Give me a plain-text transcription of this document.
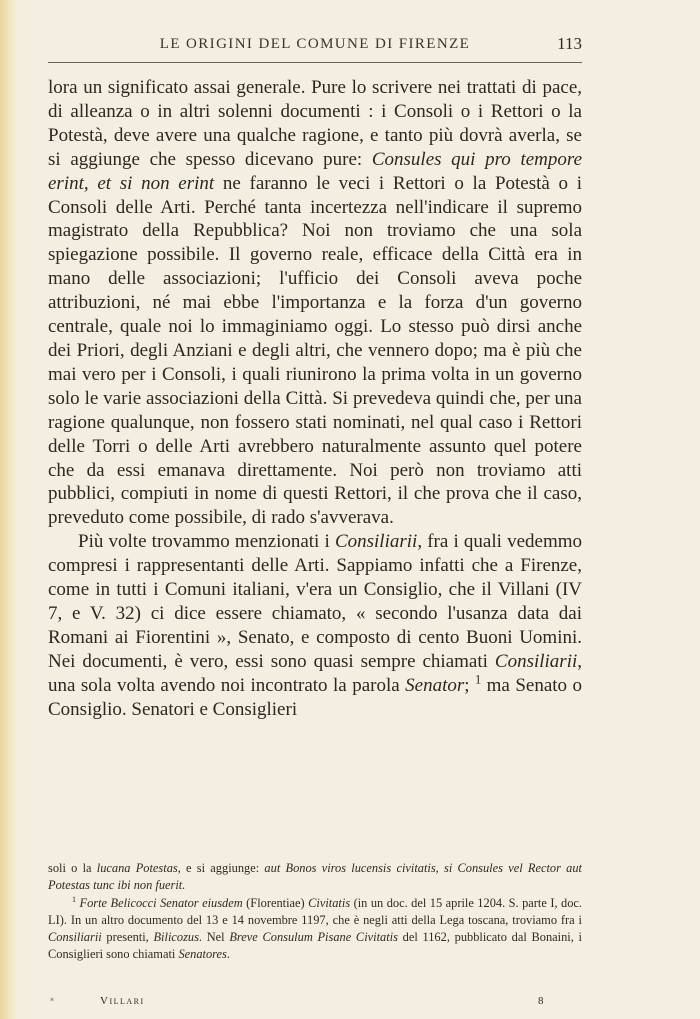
LE ORIGINI DEL COMUNE DI FIRENZE	113

lora un significato assai generale. Pure lo scrivere nei trattati di pace, di alleanza o in altri solenni documenti : i Consoli o i Rettori o la Potestà, deve avere una qualche ragione, e tanto più dovrà averla, se si aggiunge che spesso dicevano pure: Consules qui pro tempore erint, et si non erint ne faranno le veci i Rettori o la Potestà o i Consoli delle Arti. Perché tanta incertezza nell'indicare il supremo magistrato della Repubblica? Noi non troviamo che una sola spiegazione possibile. Il governo reale, efficace della Città era in mano delle associazioni; l'ufficio dei Consoli aveva poche attribuzioni, né mai ebbe l'importanza e la forza d'un governo centrale, quale noi lo immaginiamo oggi. Lo stesso può dirsi anche dei Priori, degli Anziani e degli altri, che vennero dopo; ma è più che mai vero per i Consoli, i quali riunirono la prima volta in un governo solo le varie associazioni della Città. Si prevedeva quindi che, per una ragione qualunque, non fossero stati nominati, nel qual caso i Rettori delle Torri o delle Arti avrebbero naturalmente assunto quel potere che da essi emanava direttamente. Noi però non troviamo atti pubblici, compiuti in nome di questi Rettori, il che prova che il caso, preveduto come possibile, di rado s'avverava.

Più volte trovammo menzionati i Consiliarii, fra i quali vedemmo compresi i rappresentanti delle Arti. Sappiamo infatti che a Firenze, come in tutti i Comuni italiani, v'era un Consiglio, che il Villani (IV 7, e V. 32) ci dice essere chiamato, « secondo l'usanza data dai Romani ai Fiorentini », Senato, e composto di cento Buoni Uomini. Nei documenti, è vero, essi sono quasi sempre chiamati Consiliarii, una sola volta avendo noi incontrato la parola Senator; $^1$ ma Senato o Consiglio. Senatori e Consiglieri

soli o la lucana Potestas, e si aggiunge: aut Bonos viros lucensis civitatis, si Consules vel Rector aut Potestas tunc ibi non fuerit.

$^1$ Forte Belicocci Senator eiusdem (Florentiae) Civitatis (in un doc. del 15 aprile 1204. S. parte I, doc. LI). In un altro documento del 13 e 14 novembre 1197, che è negli atti della Lega toscana, troviamo fra i Consiliarii presenti, Bilicozus. Nel Breve Consulum Pisane Civitatis del 1162, pubblicato dal Bonaini, i Consiglieri sono chiamati Senatores.

*	Villari	8
